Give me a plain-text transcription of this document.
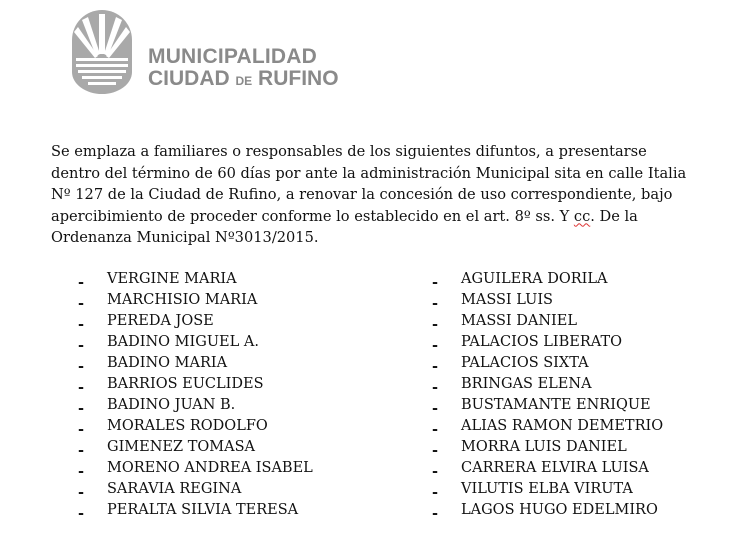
MUNICIPALIDAD
CIUDAD DE RUFINO

Se emplaza a familiares o responsables de los siguientes difuntos, a presentarse dentro del término de 60 días por ante la administración Municipal sita en calle Italia Nº 127 de la Ciudad de Rufino, a renovar la concesión de uso correspondiente, bajo apercibimiento de proceder conforme lo establecido en el art. 8º ss. Y cc. De la Ordenanza Municipal Nº3013/2015.

- VERGINE MARIA
- MARCHISIO MARIA
- PEREDA JOSE
- BADINO MIGUEL A.
- BADINO MARIA
- BARRIOS EUCLIDES
- BADINO JUAN B.
- MORALES RODOLFO
- GIMENEZ TOMASA
- MORENO ANDREA ISABEL
- SARAVIA REGINA
- PERALTA SILVIA TERESA
- AGUILERA DORILA
- MASSI LUIS
- MASSI DANIEL
- PALACIOS LIBERATO
- PALACIOS SIXTA
- BRINGAS ELENA
- BUSTAMANTE ENRIQUE
- ALIAS RAMON DEMETRIO
- MORRA LUIS DANIEL
- CARRERA ELVIRA LUISA
- VILUTIS ELBA VIRUTA
- LAGOS HUGO EDELMIRO
